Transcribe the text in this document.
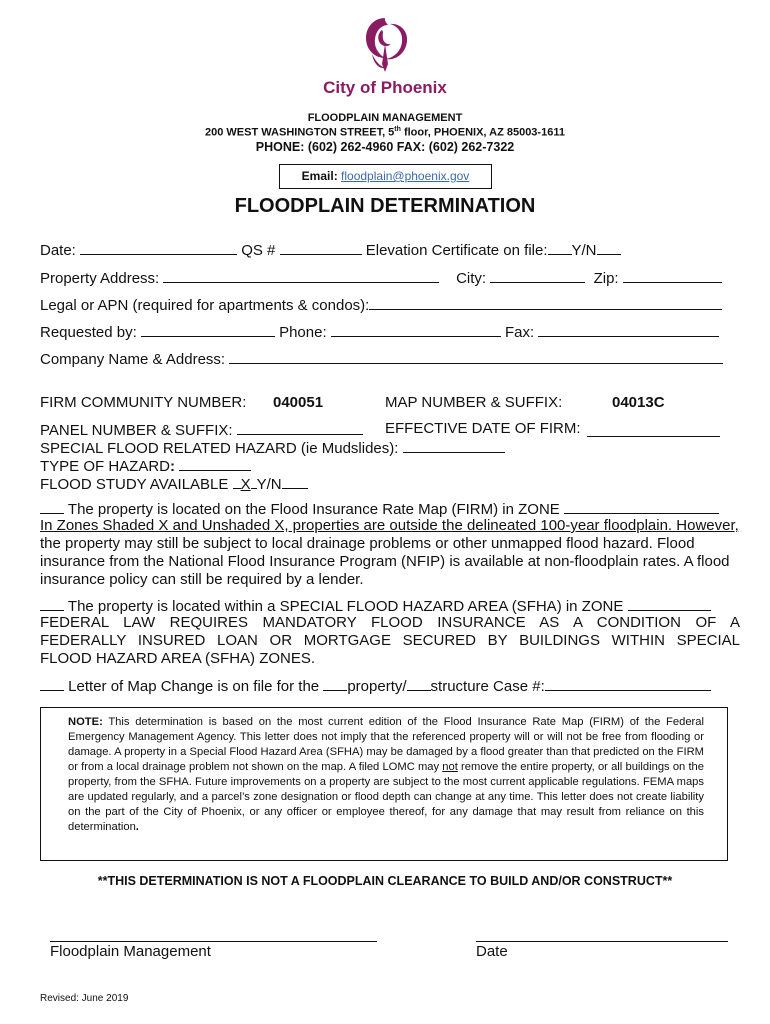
City of Phoenix
FLOODPLAIN MANAGEMENT
200 WEST WASHINGTON STREET, 5th floor, PHOENIX, AZ 85003-1611
PHONE: (602) 262-4960 FAX: (602) 262-7322
Email: floodplain@phoenix.gov
FLOODPLAIN DETERMINATION
Date:	QS #	Elevation Certificate on file: Y/N
Property Address:	City:	Zip:
Legal or APN (required for apartments & condos):
Requested by:	Phone:	Fax:
Company Name & Address:
FIRM COMMUNITY NUMBER: 040051	MAP NUMBER & SUFFIX:	04013C
PANEL NUMBER & SUFFIX:	EFFECTIVE DATE OF FIRM:
SPECIAL FLOOD RELATED HAZARD (ie Mudslides):
TYPE OF HAZARD:
FLOOD STUDY AVAILABLE X Y/N
The property is located on the Flood Insurance Rate Map (FIRM) in ZONE
In Zones Shaded X and Unshaded X, properties are outside the delineated 100-year floodplain. However,
the property may still be subject to local drainage problems or other unmapped flood hazard. Flood
insurance from the National Flood Insurance Program (NFIP) is available at non-floodplain rates. A flood
insurance policy can still be required by a lender.
The property is located within a SPECIAL FLOOD HAZARD AREA (SFHA) in ZONE
FEDERAL LAW REQUIRES MANDATORY FLOOD INSURANCE AS A CONDITION OF A
FEDERALLY INSURED LOAN OR MORTGAGE SECURED BY BUILDINGS WITHIN SPECIAL
FLOOD HAZARD AREA (SFHA) ZONES.
Letter of Map Change is on file for the property/ structure Case #:
NOTE: This determination is based on the most current edition of the Flood Insurance Rate Map (FIRM) of the Federal Emergency Management Agency. This letter does not imply that the referenced property will or will not be free from flooding or damage. A property in a Special Flood Hazard Area (SFHA) may be damaged by a flood greater than that predicted on the FIRM or from a local drainage problem not shown on the map. A filed LOMC may not remove the entire property, or all buildings on the property, from the SFHA. Future improvements on a property are subject to the most current applicable regulations. FEMA maps are updated regularly, and a parcel’s zone designation or flood depth can change at any time. This letter does not create liability on the part of the City of Phoenix, or any officer or employee thereof, for any damage that may result from reliance on this determination.
**THIS DETERMINATION IS NOT A FLOODPLAIN CLEARANCE TO BUILD AND/OR CONSTRUCT**
Floodplain Management	Date
Revised: June 2019
